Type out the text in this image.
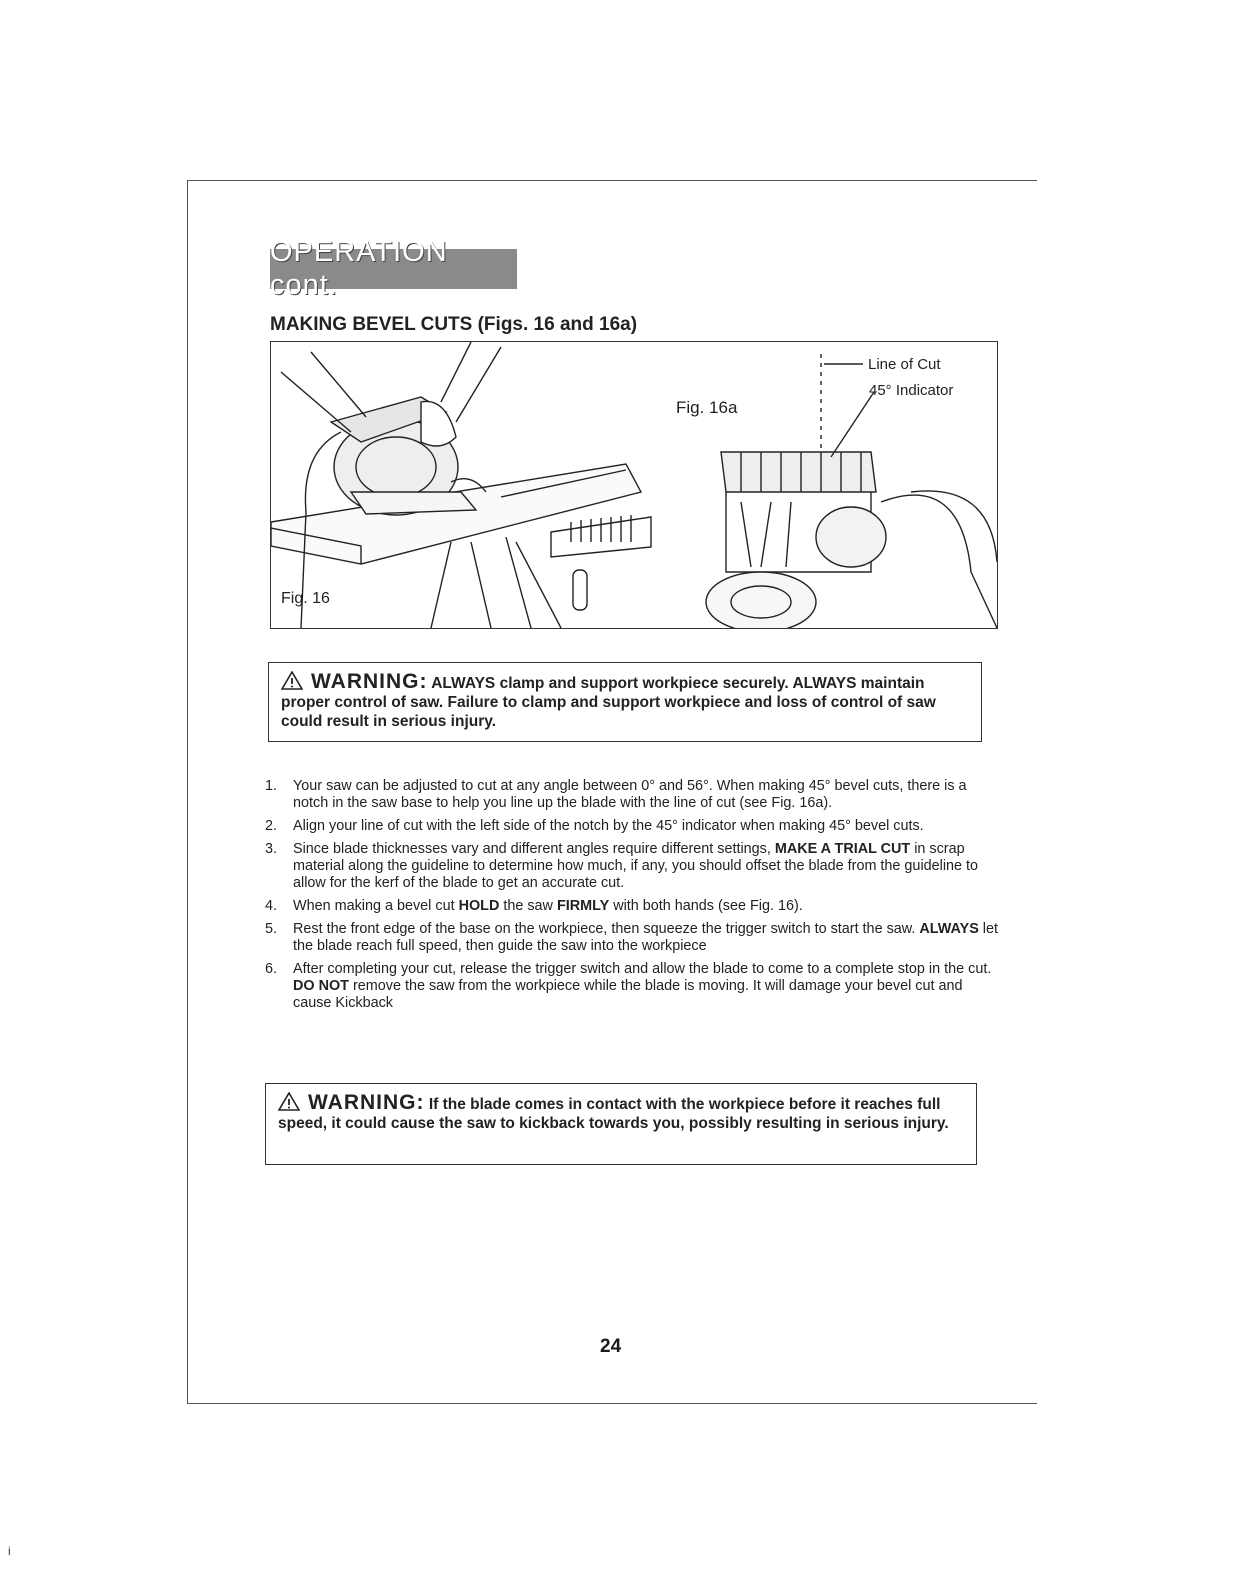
OPERATION cont.
MAKING BEVEL CUTS (Figs. 16 and 16a)
Fig. 16
Fig. 16a
Line of Cut
45° Indicator
WARNING: ALWAYS clamp and support workpiece securely. ALWAYS maintain proper control of saw. Failure to clamp and support workpiece and loss of control of saw could result in serious injury.
1. Your saw can be adjusted to cut at any angle between 0° and 56°. When making 45° bevel cuts, there is a notch in the saw base to help you line up the blade with the line of cut (see Fig. 16a).
2. Align your line of cut with the left side of the notch by the 45° indicator when making 45° bevel cuts.
3. Since blade thicknesses vary and different angles require different settings, MAKE A TRIAL CUT in scrap material along the guideline to determine how much, if any, you should offset the blade from the guideline to allow for the kerf of the blade to get an accurate cut.
4. When making a bevel cut HOLD the saw FIRMLY with both hands (see Fig. 16).
5. Rest the front edge of the base on the workpiece, then squeeze the trigger switch to start the saw. ALWAYS let the blade reach full speed, then guide the saw into the workpiece
6. After completing your cut, release the trigger switch and allow the blade to come to a complete stop in the cut. DO NOT remove the saw from the workpiece while the blade is moving. It will damage your bevel cut and cause Kickback
WARNING: If the blade comes in contact with the workpiece before it reaches full speed, it could cause the saw to kickback towards you, possibly resulting in serious injury.
24
i
